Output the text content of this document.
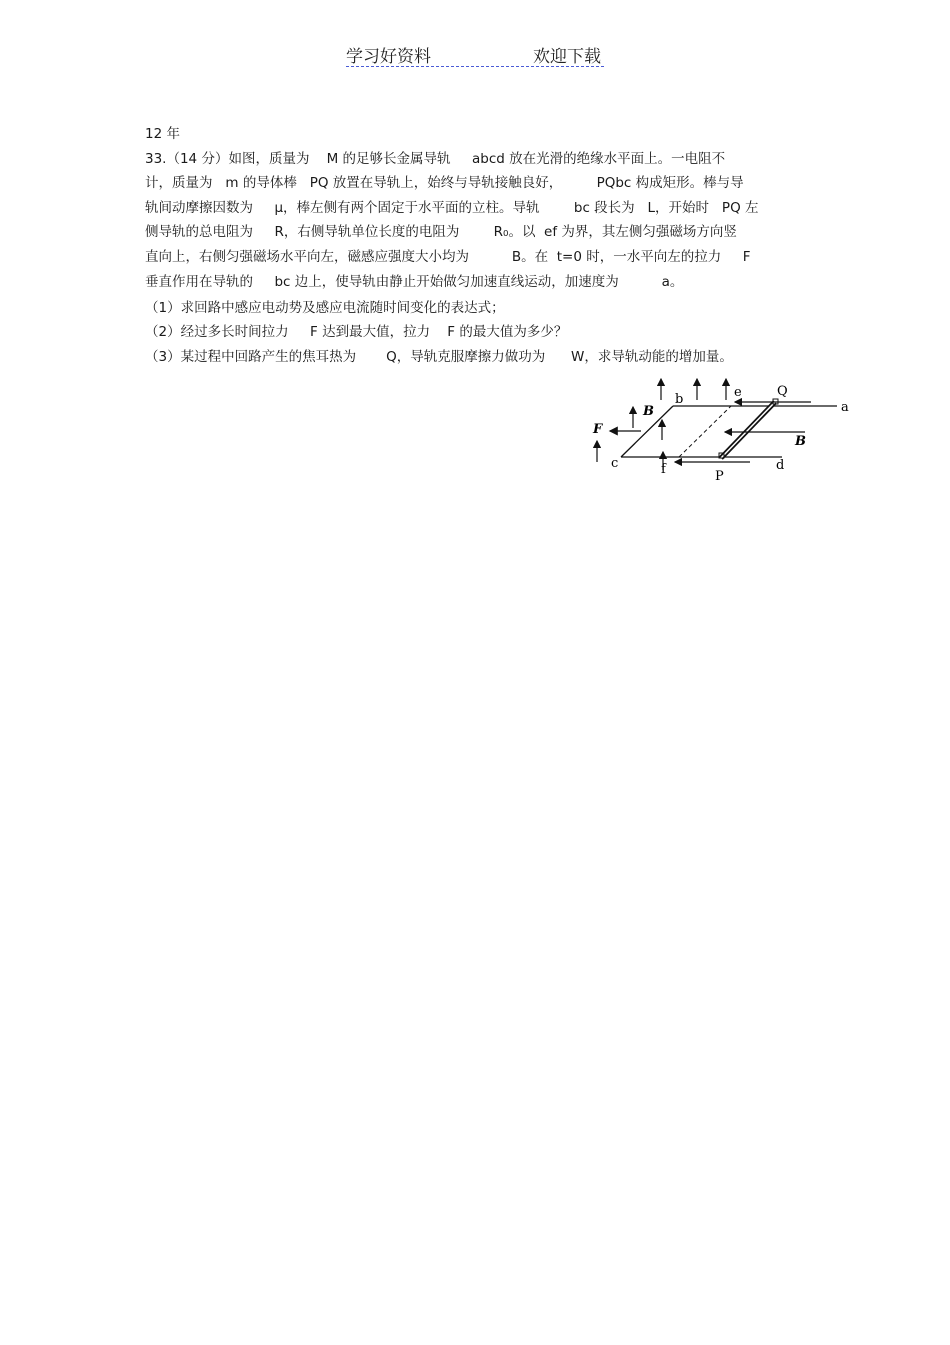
学习好资料	欢迎下载
12 年
33.（14 分）如图，质量为    M 的足够长金属导轨     abcd 放在光滑的绝缘水平面上。一电阻不
计，质量为   m 的导体棒   PQ 放置在导轨上，始终与导轨接触良好，        PQbc 构成矩形。棒与导
轨间动摩擦因数为     μ，棒左侧有两个固定于水平面的立柱。导轨        bc 段长为   L，开始时   PQ 左
侧导轨的总电阻为     R，右侧导轨单位长度的电阻为        R₀。以  ef 为界，其左侧匀强磁场方向竖
直向上，右侧匀强磁场水平向左，磁感应强度大小均为          B。在  t=0 时，一水平向左的拉力     F
垂直作用在导轨的     bc 边上，使导轨由静止开始做匀加速直线运动，加速度为          a。
（1）求回路中感应电动势及感应电流随时间变化的表达式；
（2）经过多长时间拉力     F 达到最大值，拉力    F 的最大值为多少？
（3）某过程中回路产生的焦耳热为       Q，导轨克服摩擦力做功为      W，求导轨动能的增加量。
a
b
c	d
e
f	P
Q
B
B
F
